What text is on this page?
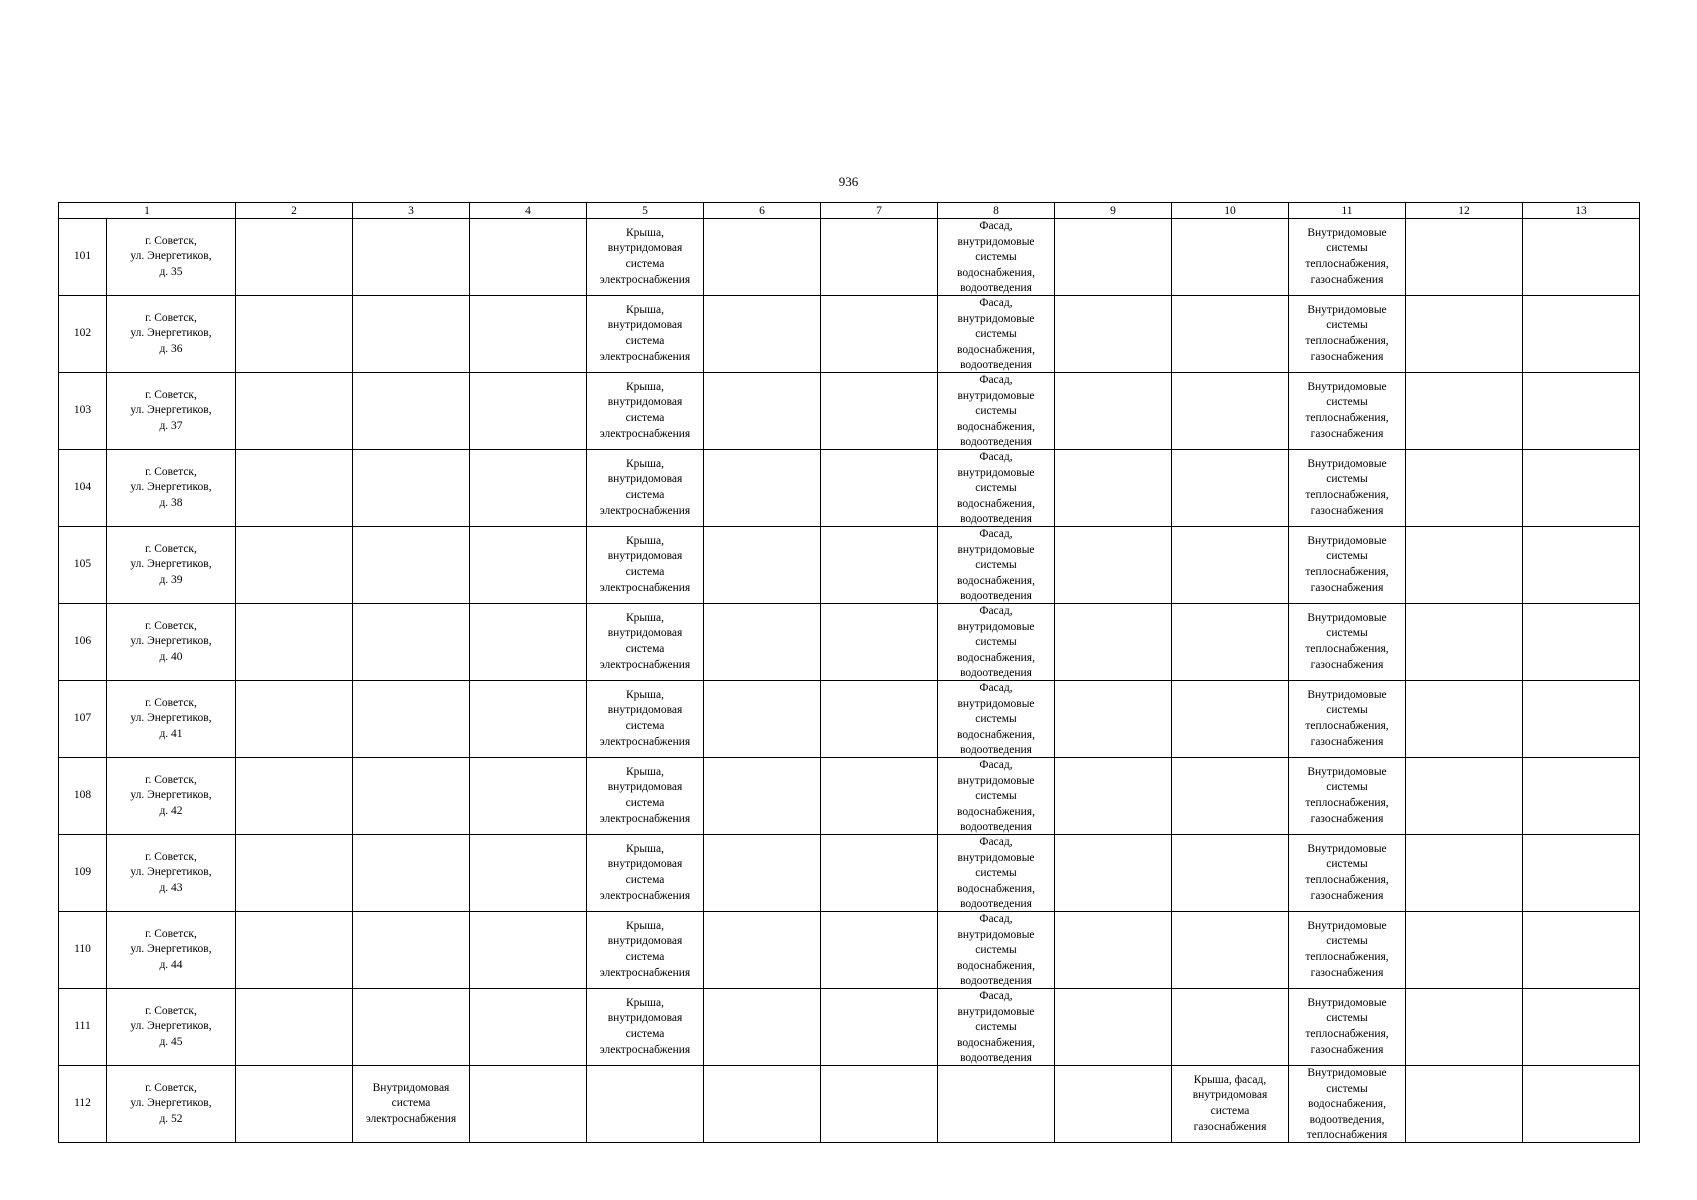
936
1		2	3	4	5	6	7	8	9	10	11	12	13

101	г. Советск,
ул. Энергетиков,
д. 35				Крыша,
внутридомовая
система
электроснабжения			Фасад,
внутридомовые
системы
водоснабжения,
водоотведения			Внутридомовые
системы
теплоснабжения,
газоснабжения		

102	г. Советск,
ул. Энергетиков,
д. 36				Крыша,
внутридомовая
система
электроснабжения			Фасад,
внутридомовые
системы
водоснабжения,
водоотведения			Внутридомовые
системы
теплоснабжения,
газоснабжения		

103	г. Советск,
ул. Энергетиков,
д. 37				Крыша,
внутридомовая
система
электроснабжения			Фасад,
внутридомовые
системы
водоснабжения,
водоотведения			Внутридомовые
системы
теплоснабжения,
газоснабжения		

104	г. Советск,
ул. Энергетиков,
д. 38				Крыша,
внутридомовая
система
электроснабжения			Фасад,
внутридомовые
системы
водоснабжения,
водоотведения			Внутридомовые
системы
теплоснабжения,
газоснабжения		

105	г. Советск,
ул. Энергетиков,
д. 39				Крыша,
внутридомовая
система
электроснабжения			Фасад,
внутридомовые
системы
водоснабжения,
водоотведения			Внутридомовые
системы
теплоснабжения,
газоснабжения		

106	г. Советск,
ул. Энергетиков,
д. 40				Крыша,
внутридомовая
система
электроснабжения			Фасад,
внутридомовые
системы
водоснабжения,
водоотведения			Внутридомовые
системы
теплоснабжения,
газоснабжения		

107	г. Советск,
ул. Энергетиков,
д. 41				Крыша,
внутридомовая
система
электроснабжения			Фасад,
внутридомовые
системы
водоснабжения,
водоотведения			Внутридомовые
системы
теплоснабжения,
газоснабжения		

108	г. Советск,
ул. Энергетиков,
д. 42				Крыша,
внутридомовая
система
электроснабжения			Фасад,
внутридомовые
системы
водоснабжения,
водоотведения			Внутридомовые
системы
теплоснабжения,
газоснабжения		

109	г. Советск,
ул. Энергетиков,
д. 43				Крыша,
внутридомовая
система
электроснабжения			Фасад,
внутридомовые
системы
водоснабжения,
водоотведения			Внутридомовые
системы
теплоснабжения,
газоснабжения		

110	г. Советск,
ул. Энергетиков,
д. 44				Крыша,
внутридомовая
система
электроснабжения			Фасад,
внутридомовые
системы
водоснабжения,
водоотведения			Внутридомовые
системы
теплоснабжения,
газоснабжения		

111	г. Советск,
ул. Энергетиков,
д. 45				Крыша,
внутридомовая
система
электроснабжения			Фасад,
внутридомовые
системы
водоснабжения,
водоотведения			Внутридомовые
системы
теплоснабжения,
газоснабжения		

112	г. Советск,
ул. Энергетиков,
д. 52		Внутридомовая
система
электроснабжения							Крыша, фасад,
внутридомовая
система
газоснабжения	Внутридомовые
системы
водоснабжения,
водоотведения,
теплоснабжения		
